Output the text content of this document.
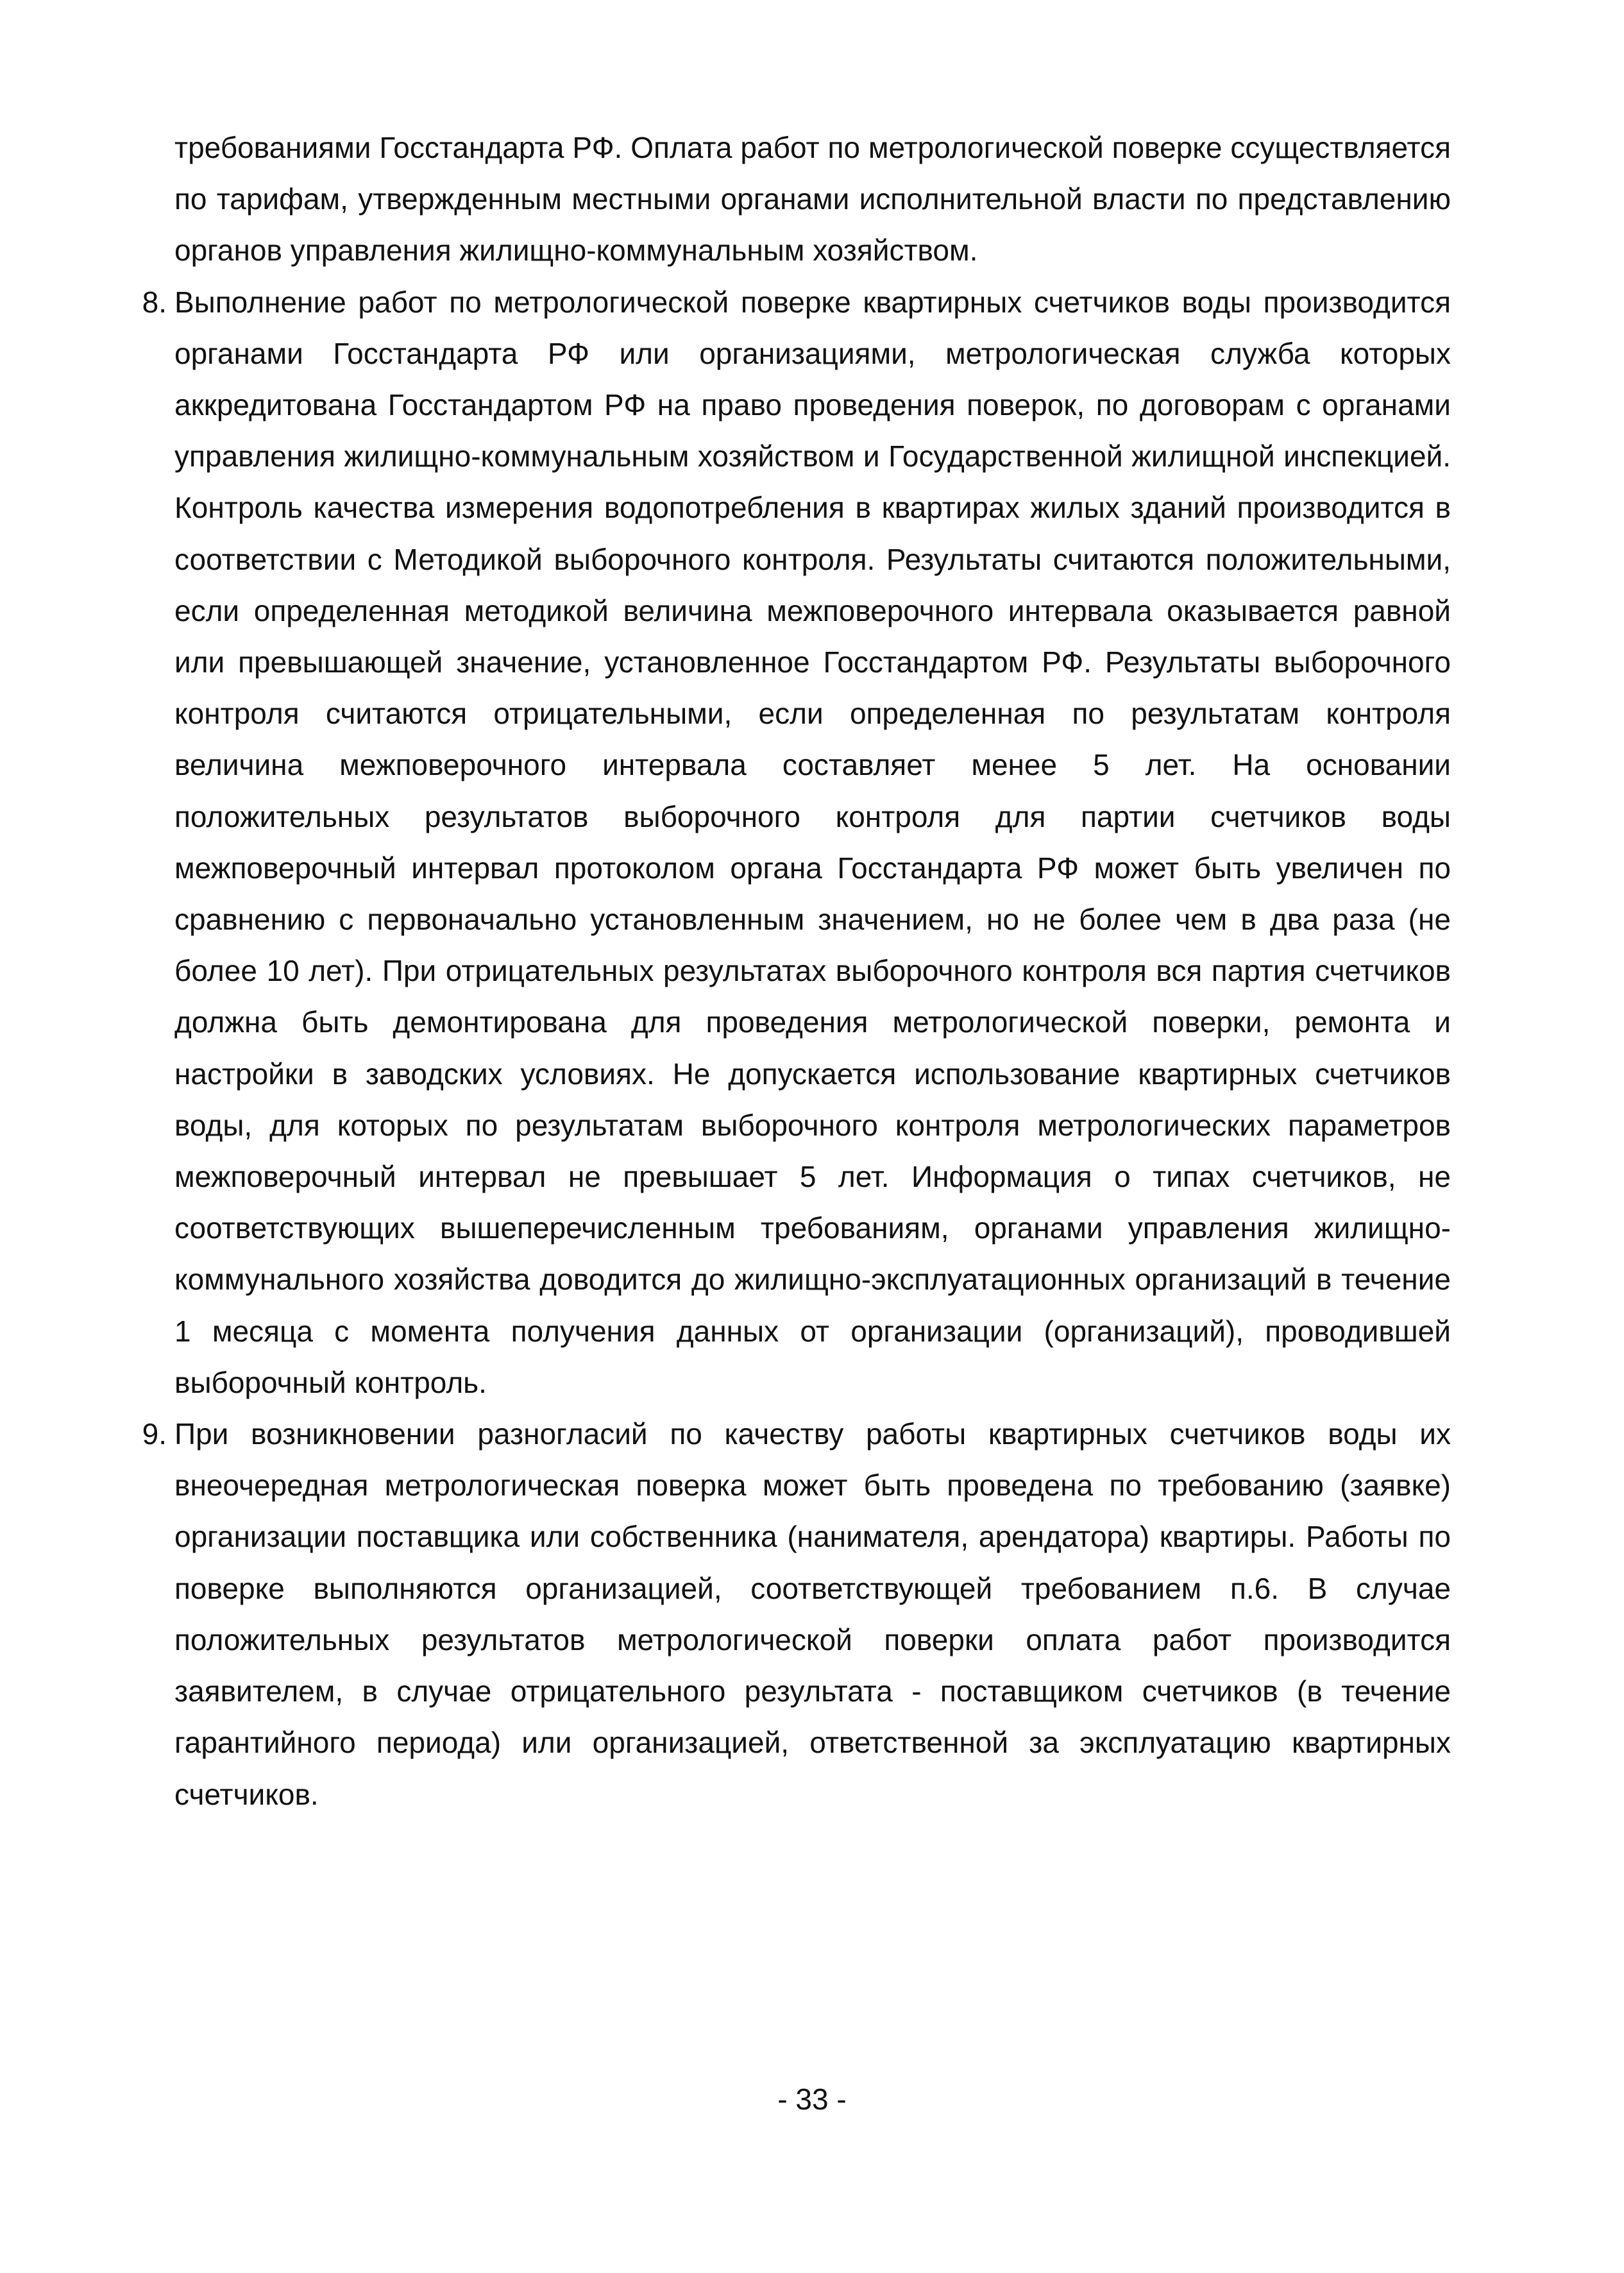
требованиями Госстандарта РФ. Оплата работ по метрологической поверке ссуществляется по тарифам, утвержденным местными органами исполнительной власти по представлению органов управления жилищно-коммунальным хозяйством.

8. Выполнение работ по метрологической поверке квартирных счетчиков воды производится органами Госстандарта РФ или организациями, метрологическая служба которых аккредитована Госстандартом РФ на право проведения поверок, по договорам с органами управления жилищно-коммунальным хозяйством и Государственной жилищной инспекцией. Контроль качества измерения водопотребления в квартирах жилых зданий производится в соответствии с Методикой выборочного контроля. Результаты считаются положительными, если определенная методикой величина межповерочного интервала оказывается равной или превышающей значение, установленное Госстандартом РФ. Результаты выборочного контроля считаются отрицательными, если определенная по результатам контроля величина межповерочного интервала составляет менее 5 лет. На основании положительных результатов выборочного контроля для партии счетчиков воды межповерочный интервал протоколом органа Госстандарта РФ может быть увеличен по сравнению с первоначально установленным значением, но не более чем в два раза (не более 10 лет). При отрицательных результатах выборочного контроля вся партия счетчиков должна быть демонтирована для проведения метрологической поверки, ремонта и настройки в заводских условиях. Не допускается использование квартирных счетчиков воды, для которых по результатам выборочного контроля метрологических параметров межповерочный интервал не превышает 5 лет. Информация о типах счетчиков, не соответствующих вышеперечисленным требованиям, органами управления жилищно-коммунального хозяйства доводится до жилищно-эксплуатационных организаций в течение 1 месяца с момента получения данных от организации (организаций), проводившей выборочный контроль.

9. При возникновении разногласий по качеству работы квартирных счетчиков воды их внеочередная метрологическая поверка может быть проведена по требованию (заявке) организации поставщика или собственника (нанимателя, арендатора) квартиры. Работы по поверке выполняются организацией, соответствующей требованием п.6. В случае положительных результатов метрологической поверки оплата работ производится заявителем, в случае отрицательного результата - поставщиком счетчиков (в течение гарантийного периода) или организацией, ответственной за эксплуатацию квартирных счетчиков.

- 33 -
